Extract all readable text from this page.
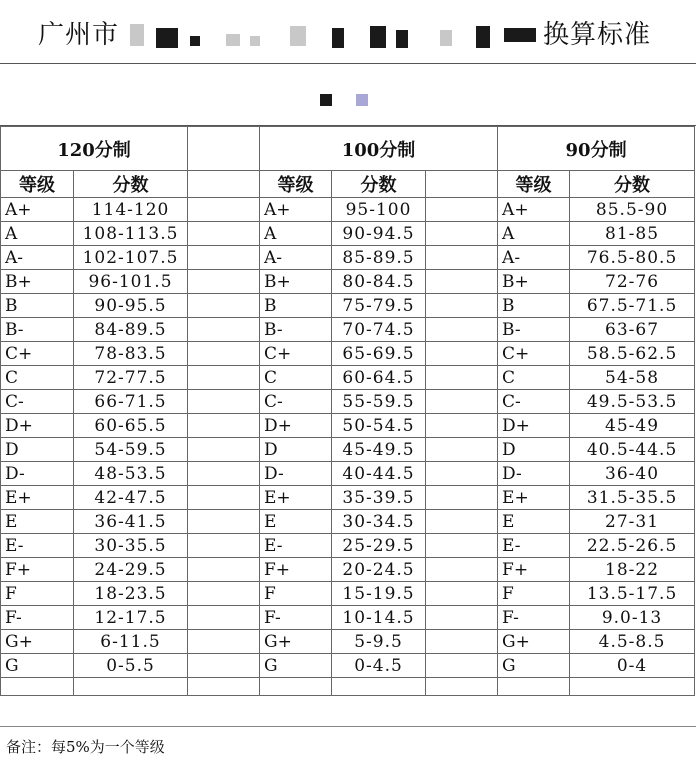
广州市	换算标准
120分制			100分制			90分制	
等级	分数		等级	分数		等级	分数
A+	114-120		A+	95-100		A+	85.5-90
A	108-113.5		A	90-94.5		A	81-85
A-	102-107.5		A-	85-89.5		A-	76.5-80.5
B+	96-101.5		B+	80-84.5		B+	72-76
B	90-95.5		B	75-79.5		B	67.5-71.5
B-	84-89.5		B-	70-74.5		B-	63-67
C+	78-83.5		C+	65-69.5		C+	58.5-62.5
C	72-77.5		C	60-64.5		C	54-58
C-	66-71.5		C-	55-59.5		C-	49.5-53.5
D+	60-65.5		D+	50-54.5		D+	45-49
D	54-59.5		D	45-49.5		D	40.5-44.5
D-	48-53.5		D-	40-44.5		D-	36-40
E+	42-47.5		E+	35-39.5		E+	31.5-35.5
E	36-41.5		E	30-34.5		E	27-31
E-	30-35.5		E-	25-29.5		E-	22.5-26.5
F+	24-29.5		F+	20-24.5		F+	18-22
F	18-23.5		F	15-19.5		F	13.5-17.5
F-	12-17.5		F-	10-14.5		F-	9.0-13
G+	6-11.5		G+	5-9.5		G+	4.5-8.5
G	0-5.5		G	0-4.5		G	0-4

备注：每5%为一个等级
